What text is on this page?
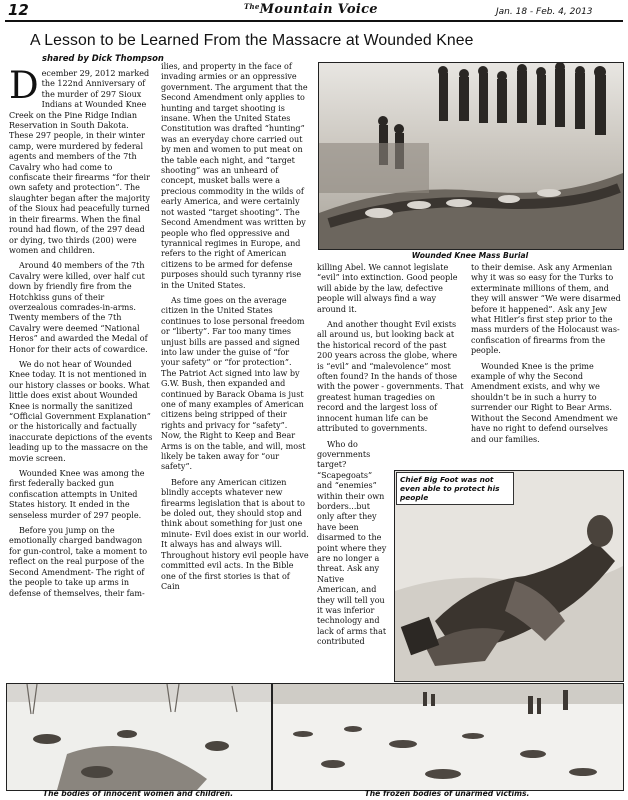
12	$^{The}$Mountain Voice	Jan. 18 - Feb. 4, 2013
A Lesson to be Learned From the Massacre at Wounded Knee
shared by Dick Thompson

December 29, 2012 marked the 122nd Anniversary of the murder of 297 Sioux Indians at Wounded Knee Creek on the Pine Ridge Indian Reservation in South Dakota. These 297 people, in their winter camp, were murdered by federal agents and members of the 7th Cavalry who had come to confiscate their firearms “for their own safety and protection”. The slaughter began after the majority of the Sioux had peacefully turned in their firearms. When the final round had flown, of the 297 dead or dying, two thirds (200) were women and children.

Around 40 members of the 7th Cavalry were killed, over half cut down by friendly fire from the Hotchkiss guns of their overzealous comrades-in-arms. Twenty members of the 7th Cavalry were deemed “National Heros” and awarded the Medal of Honor for their acts of cowardice.

We do not hear of Wounded Knee today. It is not mentioned in our history classes or books. What little does exist about Wounded Knee is normally the sanitized “Official Government Explanation” or the historically and factually inaccurate depictions of the events leading up to the massacre on the movie screen.

Wounded Knee was among the first federally backed gun confiscation attempts in United States history. It ended in the senseless murder of 297 people.

Before you jump on the emotionally charged bandwagon for gun-control, take a moment to reflect on the real purpose of the Second Amendment- The right of the people to take up arms in defense of themselves, their fam-

ilies, and property in the face of invading armies or an oppressive government. The argument that the Second Amendment only applies to hunting and target shooting is insane. When the United States Constitution was drafted “hunting” was an everyday chore carried out by men and women to put meat on the table each night, and “target shooting” was an unheard of concept, musket balls were a precious commodity in the wilds of early America, and were certainly not wasted “target shooting”. The Second Amendment was written by people who fled oppressive and tyrannical regimes in Europe, and refers to the right of American citizens to be armed for defense purposes should such tyranny rise in the United States.

As time goes on the average citizen in the United States continues to lose personal freedom or “liberty”. Far too many times unjust bills are passed and signed into law under the guise of “for your safety” or “for protection”. The Patriot Act signed into law by G.W. Bush, then expanded and continued by Barack Obama is just one of many examples of American citizens being stripped of their rights and privacy for “safety”. Now, the Right to Keep and Bear Arms is on the table, and will, most likely be taken away for “our safety”.

Before any American citizen blindly accepts whatever new firearms legislation that is about to be doled out, they should stop and think about something for just one minute- Evil does exist in our world. It always has and always will. Throughout history evil people have committed evil acts. In the Bible one of the first stories is that of Cain

Wounded Knee Mass Burial

killing Abel. We cannot legislate “evil” into extinction. Good people will abide by the law, defective people will always find a way around it.

And another thought Evil exists all around us, but looking back at the historical record of the past 200 years across the globe, where is “evil” and “malevolence” most often found? In the hands of those with the power - governments. That greatest human tragedies on record and the largest loss of innocent human life can be attributed to governments.

Who do governments target? “Scapegoats” and “enemies” within their own borders...but only after they have been disarmed to the point where they are no longer a threat. Ask any Native American, and they will tell you it was inferior technology and lack of arms that contributed

to their demise. Ask any Armenian why it was so easy for the Turks to exterminate millions of them, and they will answer “We were disarmed before it happened”. Ask any Jew what Hitler’s first step prior to the mass murders of the Holocaust was- confiscation of firearms from the people.

Wounded Knee is the prime example of why the Second Amendment exists, and why we shouldn’t be in such a hurry to surrender our Right to Bear Arms. Without the Second Amendment we have no right to defend ourselves and our families.

Chief Big Foot was not even able to protect his people
The bodies of innocent women and children.	The frozen bodies of unarmed victims.
